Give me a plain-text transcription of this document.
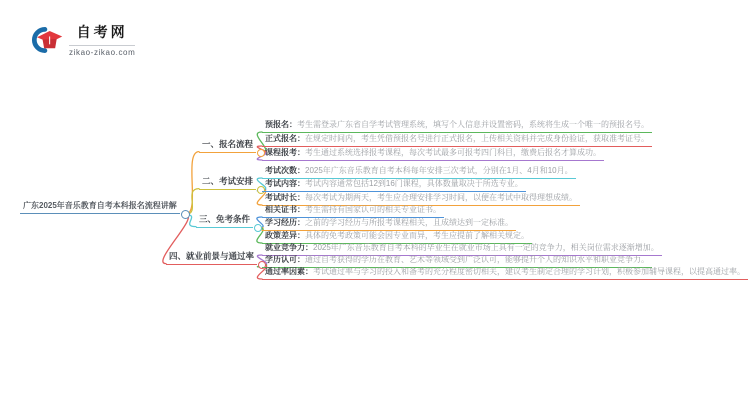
自考网
zikao-zikao.com
广东2025年音乐教育自考本科报名流程讲解
一、报名流程
二、考试安排
三、免考条件
四、就业前景与通过率
预报名：考生需登录广东省自学考试管理系统，填写个人信息并设置密码，系统将生成一个唯一的预报名号。
正式报名：在规定时间内，考生凭借预报名号进行正式报名，上传相关资料并完成身份验证，获取准考证号。
课程报考：考生通过系统选择报考课程，每次考试最多可报考四门科目，缴费后报名才算成功。
考试次数：2025年广东音乐教育自考本科每年安排三次考试，分别在1月、4月和10月。
考试内容：考试内容通常包括12到16门课程，具体数量取决于所选专业。
考试时长：每次考试为期两天，考生应合理安排学习时间，以便在考试中取得理想成绩。
相关证书：考生需持有国家认可的相关专业证书。
学习经历：之前的学习经历与所报考课程相关，且成绩达到一定标准。
政策差异：具体的免考政策可能会因专业而异，考生应提前了解相关规定。
就业竞争力：2025年广东音乐教育自考本科的毕业生在就业市场上具有一定的竞争力，相关岗位需求逐渐增加。
学历认可：通过自考获得的学历在教育、艺术等领域受到广泛认可，能够提升个人的知识水平和职业竞争力。
通过率因素：考试通过率与学习的投入和备考的充分程度密切相关，建议考生制定合理的学习计划，积极参加辅导课程，以提高通过率。
